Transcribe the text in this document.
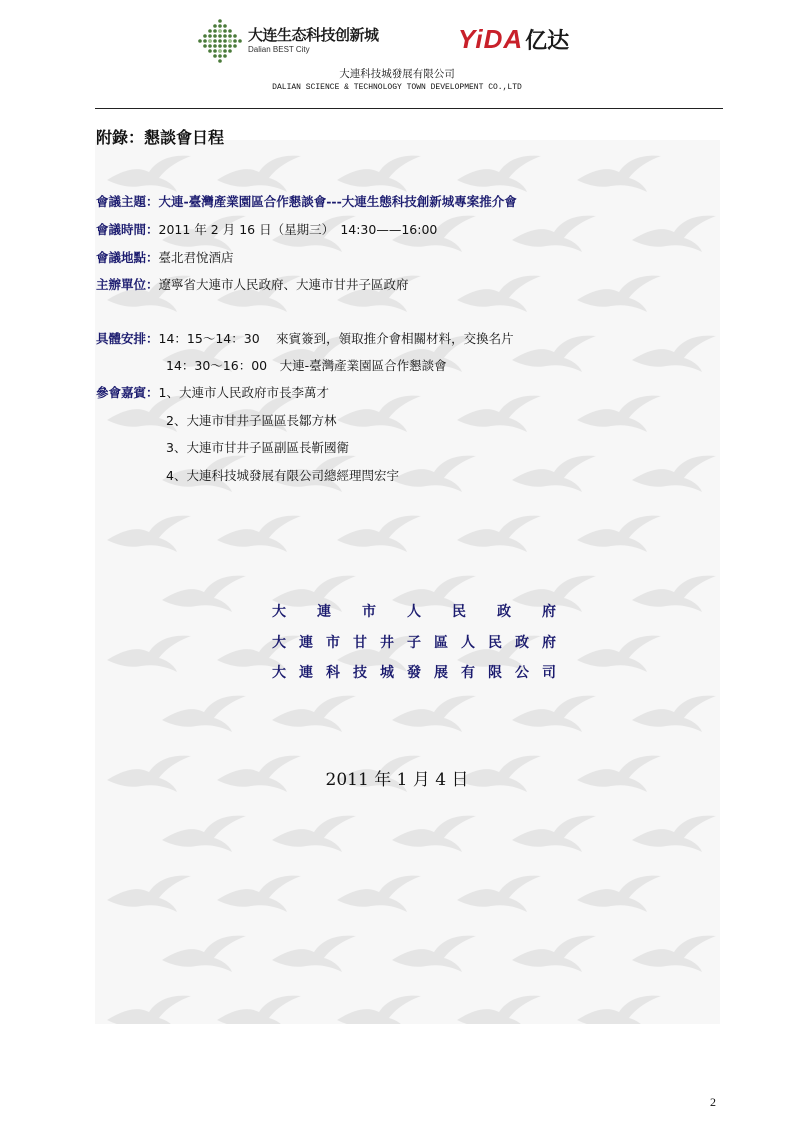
大连生态科技创新城
Dalian BEST City	YiDA亿达
大連科技城發展有限公司
DALIAN SCIENCE & TECHNOLOGY TOWN DEVELOPMENT CO.,LTD
附錄：懇談會日程
會議主題：大連-臺灣產業園區合作懇談會---大連生態科技創新城專案推介會
會議時間：2011 年 2 月 16 日（星期三）　14:30——16:00
會議地點：臺北君悅酒店
主辦單位：遼寧省大連市人民政府、大連市甘井子區政府
具體安排：14：15～14：30　 來賓簽到，領取推介會相關材料，交換名片
14：30～16：00　大連-臺灣產業園區合作懇談會
參會嘉賓：1、大連市人民政府市長李萬才
2、大連市甘井子區區長鄒方林
3、大連市甘井子區副區長靳國衛
4、大連科技城發展有限公司總經理閆宏宇
大 連 市 人 民 政 府
大 連 市 甘 井 子 區 人 民 政 府
大 連 科 技 城 發 展 有 限 公 司
2011 年 1 月 4 日
2
